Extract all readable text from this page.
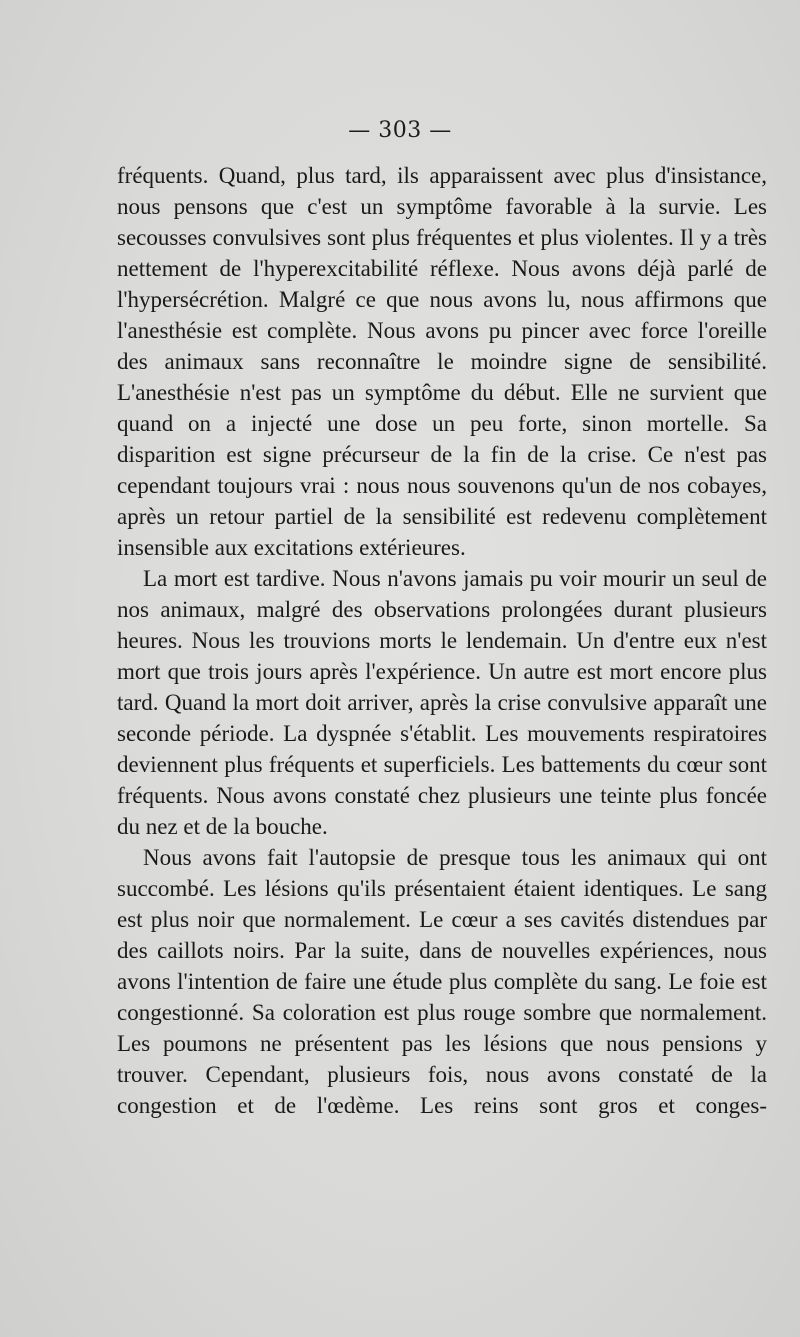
— 303 —

fréquents. Quand, plus tard, ils apparaissent avec plus d'insistance, nous pensons que c'est un symptôme favorable à la survie. Les secousses convulsives sont plus fréquentes et plus violentes. Il y a très nettement de l'hyperexcitabilité réflexe. Nous avons déjà parlé de l'hypersécrétion. Malgré ce que nous avons lu, nous affirmons que l'anesthésie est complète. Nous avons pu pincer avec force l'oreille des animaux sans reconnaître le moindre signe de sensibilité. L'anesthésie n'est pas un symptôme du début. Elle ne survient que quand on a injecté une dose un peu forte, sinon mortelle. Sa disparition est signe précurseur de la fin de la crise. Ce n'est pas cependant toujours vrai : nous nous souvenons qu'un de nos cobayes, après un retour partiel de la sensibilité est redevenu complètement insensible aux excitations extérieures.

La mort est tardive. Nous n'avons jamais pu voir mourir un seul de nos animaux, malgré des observations prolongées durant plusieurs heures. Nous les trouvions morts le lendemain. Un d'entre eux n'est mort que trois jours après l'expérience. Un autre est mort encore plus tard. Quand la mort doit arriver, après la crise convulsive apparaît une seconde période. La dyspnée s'établit. Les mouvements respiratoires deviennent plus fréquents et superficiels. Les battements du cœur sont fréquents. Nous avons constaté chez plusieurs une teinte plus foncée du nez et de la bouche.

Nous avons fait l'autopsie de presque tous les animaux qui ont succombé. Les lésions qu'ils présentaient étaient identiques. Le sang est plus noir que normalement. Le cœur a ses cavités distendues par des caillots noirs. Par la suite, dans de nouvelles expériences, nous avons l'intention de faire une étude plus complète du sang. Le foie est congestionné. Sa coloration est plus rouge sombre que normalement. Les poumons ne présentent pas les lésions que nous pensions y trouver. Cependant, plusieurs fois, nous avons constaté de la congestion et de l'œdème. Les reins sont gros et conges-
